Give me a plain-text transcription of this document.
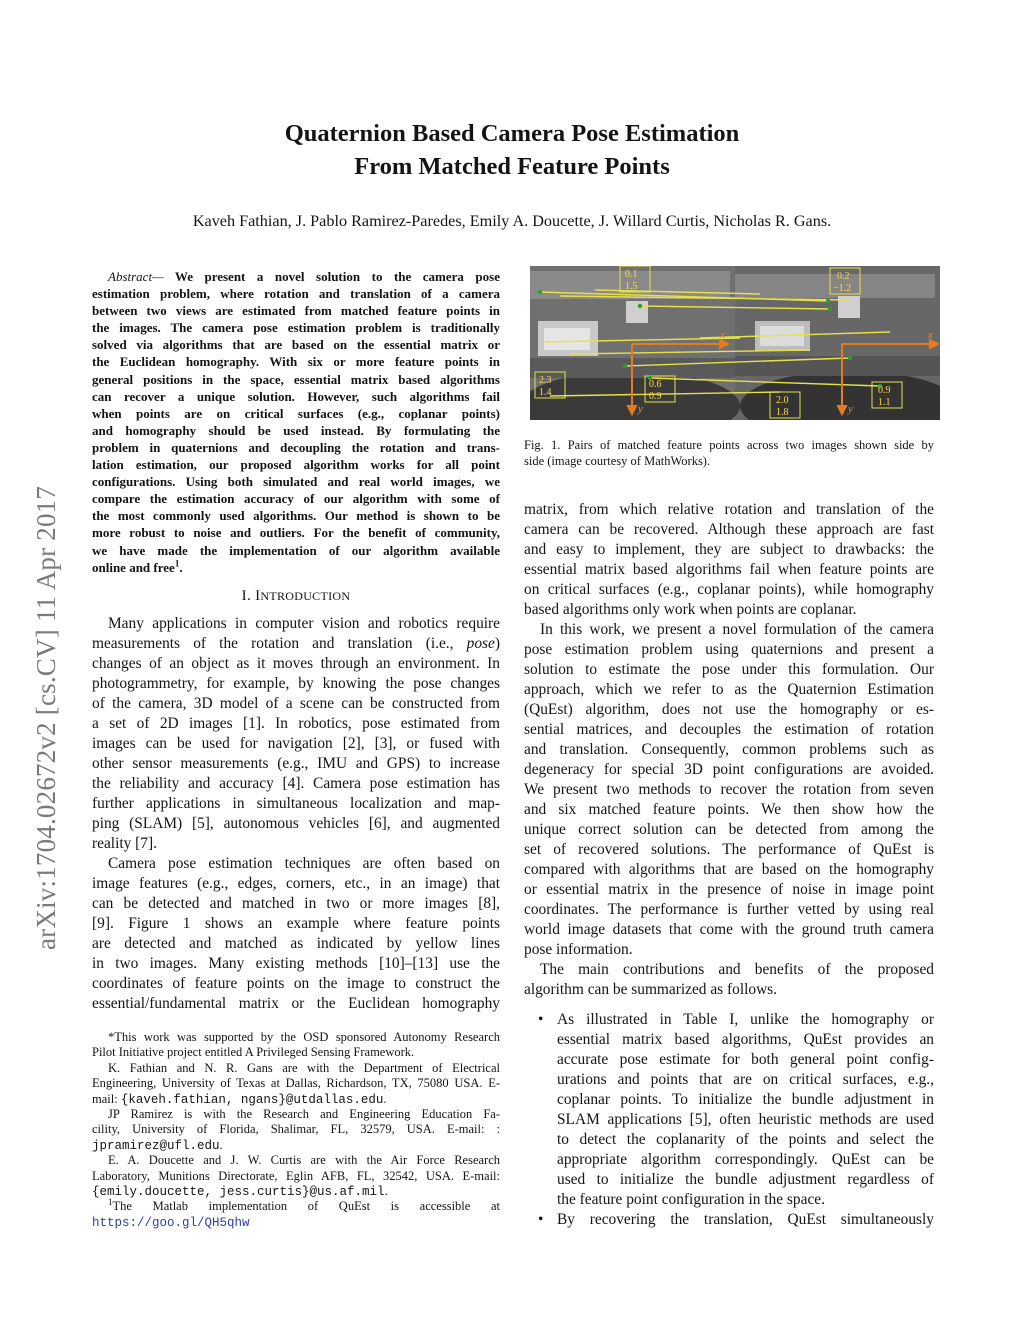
Quaternion Based Camera Pose Estimation
From Matched Feature Points
Kaveh Fathian, J. Pablo Ramirez-Paredes, Emily A. Doucette, J. Willard Curtis, Nicholas R. Gans.
arXiv:1704.02672v2 [cs.CV] 11 Apr 2017
Abstract— We present a novel solution to the camera pose
estimation problem, where rotation and translation of a camera
between two views are estimated from matched feature points in
the images. The camera pose estimation problem is traditionally
solved via algorithms that are based on the essential matrix or
the Euclidean homography. With six or more feature points in
general positions in the space, essential matrix based algorithms
can recover a unique solution. However, such algorithms fail
when points are on critical surfaces (e.g., coplanar points)
and homography should be used instead. By formulating the
problem in quaternions and decoupling the rotation and trans-
lation estimation, our proposed algorithm works for all point
configurations. Using both simulated and real world images, we
compare the estimation accuracy of our algorithm with some of
the most commonly used algorithms. Our method is shown to be
more robust to noise and outliers. For the benefit of community,
we have made the implementation of our algorithm available
online and free$^1$.
I. INTRODUCTION
Many applications in computer vision and robotics require
measurements of the rotation and translation (i.e., pose)
changes of an object as it moves through an environment. In
photogrammetry, for example, by knowing the pose changes
of the camera, 3D model of a scene can be constructed from
a set of 2D images [1]. In robotics, pose estimated from
images can be used for navigation [2], [3], or fused with
other sensor measurements (e.g., IMU and GPS) to increase
the reliability and accuracy [4]. Camera pose estimation has
further applications in simultaneous localization and map-
ping (SLAM) [5], autonomous vehicles [6], and augmented
reality [7].
Camera pose estimation techniques are often based on
image features (e.g., edges, corners, etc., in an image) that
can be detected and matched in two or more images [8],
[9]. Figure 1 shows an example where feature points
are detected and matched as indicated by yellow lines
in two images. Many existing methods [10]–[13] use the
coordinates of feature points on the image to construct the
essential/fundamental matrix or the Euclidean homography
*This work was supported by the OSD sponsored Autonomy Research
Pilot Initiative project entitled A Privileged Sensing Framework.
K. Fathian and N. R. Gans are with the Department of Electrical
Engineering, University of Texas at Dallas, Richardson, TX, 75080 USA. E-
mail: {kaveh.fathian, ngans}@utdallas.edu.
JP Ramirez is with the Research and Engineering Education Fa-
cility, University of Florida, Shalimar, FL, 32579, USA. E-mail: :
jpramirez@ufl.edu.
E. A. Doucette and J. W. Curtis are with the Air Force Research
Laboratory, Munitions Directorate, Eglin AFB, FL, 32542, USA. E-mail:
{emily.doucette, jess.curtis}@us.af.mil.
$^1$The Matlab implementation of QuEst is accessible at
https://goo.gl/QH5qhw
0.1
1.5
0.2
−1.2
2.3
1.4
0.6
0.9	2.0
1.8
0.9
1.1
x
y
x
y
Fig. 1. Pairs of matched feature points across two images shown side by
side (image courtesy of MathWorks).
matrix, from which relative rotation and translation of the
camera can be recovered. Although these approach are fast
and easy to implement, they are subject to drawbacks: the
essential matrix based algorithms fail when feature points are
on critical surfaces (e.g., coplanar points), while homography
based algorithms only work when points are coplanar.
In this work, we present a novel formulation of the camera
pose estimation problem using quaternions and present a
solution to estimate the pose under this formulation. Our
approach, which we refer to as the Quaternion Estimation
(QuEst) algorithm, does not use the homography or es-
sential matrices, and decouples the estimation of rotation
and translation. Consequently, common problems such as
degeneracy for special 3D point configurations are avoided.
We present two methods to recover the rotation from seven
and six matched feature points. We then show how the
unique correct solution can be detected from among the
set of recovered solutions. The performance of QuEst is
compared with algorithms that are based on the homography
or essential matrix in the presence of noise in image point
coordinates. The performance is further vetted by using real
world image datasets that come with the ground truth camera
pose information.
The main contributions and benefits of the proposed
algorithm can be summarized as follows.
• As illustrated in Table I, unlike the homography or
essential matrix based algorithms, QuEst provides an
accurate pose estimate for both general point config-
urations and points that are on critical surfaces, e.g.,
coplanar points. To initialize the bundle adjustment in
SLAM applications [5], often heuristic methods are used
to detect the coplanarity of the points and select the
appropriate algorithm correspondingly. QuEst can be
used to initialize the bundle adjustment regardless of
the feature point configuration in the space.
• By recovering the translation, QuEst simultaneously
